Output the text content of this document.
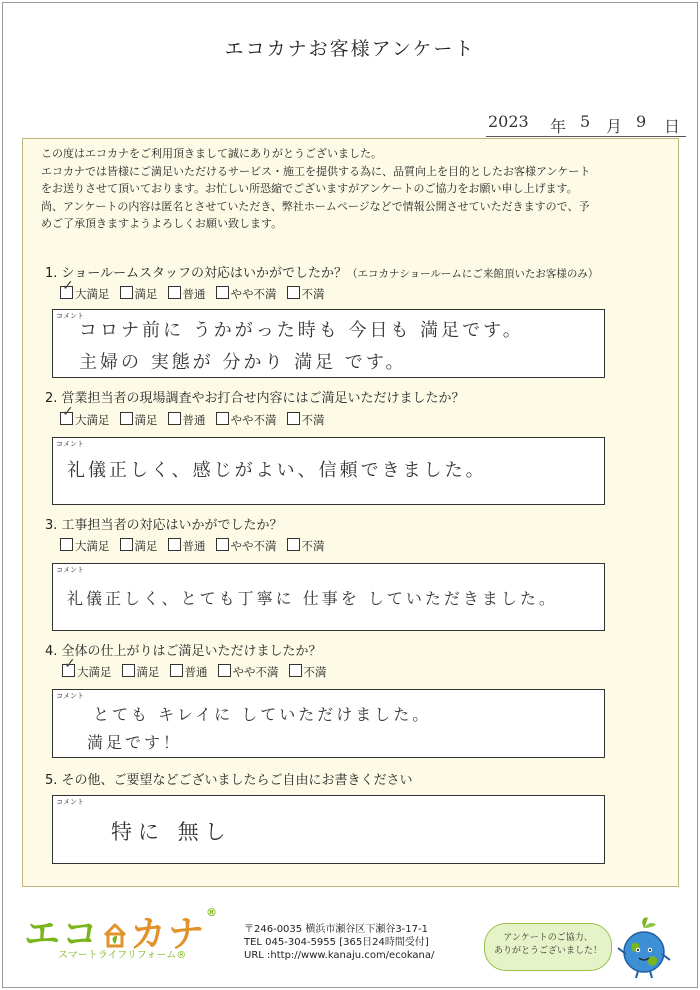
エコカナお客様アンケート
2023 年 5 月 9 日
この度はエコカナをご利用頂きまして誠にありがとうございました。
エコカナでは皆様にご満足いただけるサービス・施工を提供する為に、品質向上を目的としたお客様アンケート
をお送りさせて頂いております。お忙しい所恐縮でございますがアンケートのご協力をお願い申し上げます。
尚、アンケートの内容は匿名とさせていただき、弊社ホームページなどで情報公開させていただきますので、予
めご了承頂きますようよろしくお願い致します。
1. ショールームスタッフの対応はいかがでしたか？（エコカナショールームにご来館頂いたお客様のみ）
✓ 大満足 満足 普通 やや不満 不満
コメント
コロナ前に うかがった時も 今日も 満足です。
主婦の 実態が 分かり 満足 です。
2. 営業担当者の現場調査やお打合せ内容にはご満足いただけましたか？
✓ 大満足 満足 普通 やや不満 不満
コメント
礼儀正しく、感じがよい、信頼できました。
3. 工事担当者の対応はいかがでしたか？
大満足 満足 普通 やや不満 不満
コメント
礼儀正しく、とても丁寧に 仕事を していただきました。
4. 全体の仕上がりはご満足いただけましたか？
✓ 大満足 満足 普通 やや不満 不満
コメント
とても キレイに していただけました。
満足です！
5. その他、ご要望などございましたらご自由にお書きください
コメント
特に 無し
エコ カナ®
スマートライフリフォーム®
〒246-0035 横浜市瀬谷区下瀬谷3-17-1
TEL 045-304-5955 [365日24時間受付]
URL :http://www.kanaju.com/ecokana/
アンケートのご協力、
ありがとうございました！
